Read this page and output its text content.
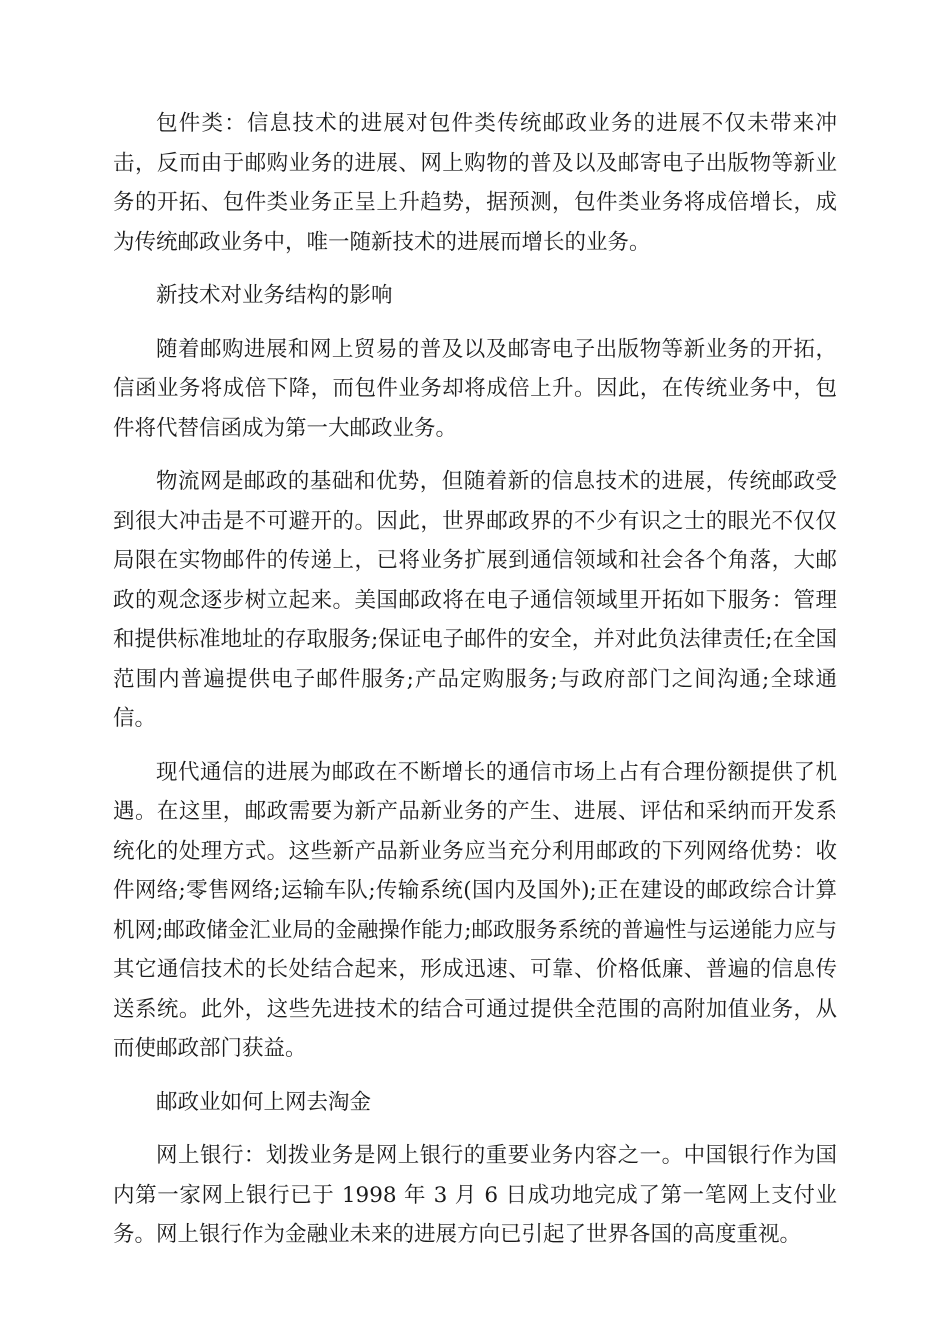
包件类：信息技术的进展对包件类传统邮政业务的进展不仅未带来冲击，反而由于邮购业务的进展、网上购物的普及以及邮寄电子出版物等新业务的开拓、包件类业务正呈上升趋势，据预测，包件类业务将成倍增长，成为传统邮政业务中，唯一随新技术的进展而增长的业务。

新技术对业务结构的影响

随着邮购进展和网上贸易的普及以及邮寄电子出版物等新业务的开拓，信函业务将成倍下降，而包件业务却将成倍上升。因此，在传统业务中，包件将代替信函成为第一大邮政业务。

物流网是邮政的基础和优势，但随着新的信息技术的进展，传统邮政受到很大冲击是不可避开的。因此，世界邮政界的不少有识之士的眼光不仅仅局限在实物邮件的传递上，已将业务扩展到通信领域和社会各个角落，大邮政的观念逐步树立起来。美国邮政将在电子通信领域里开拓如下服务：管理和提供标准地址的存取服务;保证电子邮件的安全，并对此负法律责任;在全国范围内普遍提供电子邮件服务;产品定购服务;与政府部门之间沟通;全球通信。

现代通信的进展为邮政在不断增长的通信市场上占有合理份额提供了机遇。在这里，邮政需要为新产品新业务的产生、进展、评估和采纳而开发系统化的处理方式。这些新产品新业务应当充分利用邮政的下列网络优势：收件网络;零售网络;运输车队;传输系统(国内及国外);正在建设的邮政综合计算机网;邮政储金汇业局的金融操作能力;邮政服务系统的普遍性与运递能力应与其它通信技术的长处结合起来，形成迅速、可靠、价格低廉、普遍的信息传送系统。此外，这些先进技术的结合可通过提供全范围的高附加值业务，从而使邮政部门获益。

邮政业如何上网去淘金

网上银行：划拨业务是网上银行的重要业务内容之一。中国银行作为国内第一家网上银行已于 1998 年 3 月 6 日成功地完成了第一笔网上支付业务。网上银行作为金融业未来的进展方向已引起了世界各国的高度重视。
